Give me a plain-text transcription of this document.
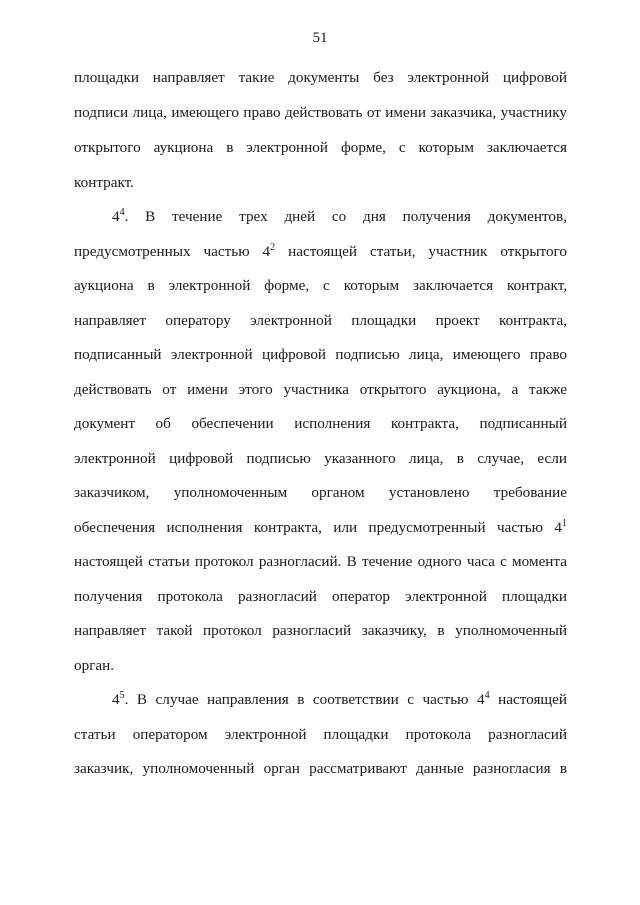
51
площадки направляет такие документы без электронной цифровой
подписи лица, имеющего право действовать от имени заказчика, участнику
открытого аукциона в электронной форме, с которым заключается
контракт.
$4^4$. В течение трех дней со дня получения документов,
предусмотренных частью $4^2$ настоящей статьи, участник открытого
аукциона в электронной форме, с которым заключается контракт,
направляет оператору электронной площадки проект контракта,
подписанный электронной цифровой подписью лица, имеющего право
действовать от имени этого участника открытого аукциона, а также
документ об обеспечении исполнения контракта, подписанный
электронной цифровой подписью указанного лица, в случае, если
заказчиком, уполномоченным органом установлено требование
обеспечения исполнения контракта, или предусмотренный частью $4^1$
настоящей статьи протокол разногласий. В течение одного часа с момента
получения протокола разногласий оператор электронной площадки
направляет такой протокол разногласий заказчику, в уполномоченный
орган.
$4^5$. В случае направления в соответствии с частью $4^4$ настоящей
статьи оператором электронной площадки протокола разногласий
заказчик, уполномоченный орган рассматривают данные разногласия в
